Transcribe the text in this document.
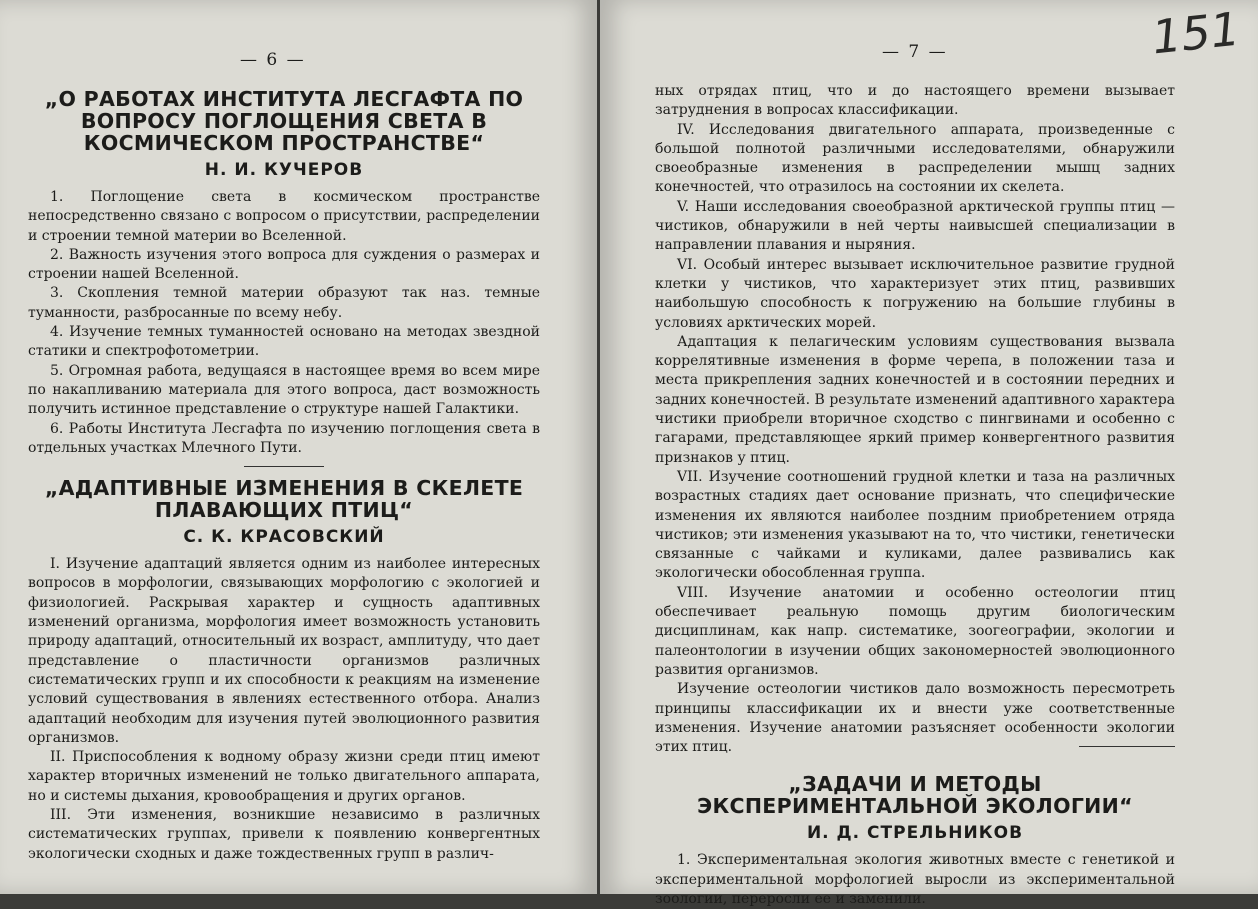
— 6 —
„О РАБОТАХ ИНСТИТУТА ЛЕСГАФТА ПО ВОПРОСУ ПОГЛОЩЕНИЯ СВЕТА В КОСМИЧЕСКОМ ПРОСТРАНСТВЕ“
Н. И. КУЧЕРОВ

1. Поглощение света в космическом пространстве непосредственно связано с вопросом о присутствии, распределении и строении темной материи во Вселенной.

2. Важность изучения этого вопроса для суждения о размерах и строении нашей Вселенной.

3. Скопления темной материи образуют так наз. темные туманности, разбросанные по всему небу.

4. Изучение темных туманностей основано на методах звездной статики и спектрофотометрии.

5. Огромная работа, ведущаяся в настоящее время во всем мире по накапливанию материала для этого вопроса, даст возможность получить истинное представление о структуре нашей Галактики.

6. Работы Института Лесгафта по изучению поглощения света в отдельных участках Млечного Пути.

„АДАПТИВНЫЕ ИЗМЕНЕНИЯ В СКЕЛЕТЕ ПЛАВАЮЩИХ ПТИЦ“
С. К. КРАСОВСКИЙ

I. Изучение адаптаций является одним из наиболее интересных вопросов в морфологии, связывающих морфологию с экологией и физиологией. Раскрывая характер и сущность адаптивных изменений организма, морфология имеет возможность установить природу адаптаций, относительный их возраст, амплитуду, что дает представление о пластичности организмов различных систематических групп и их способности к реакциям на изменение условий существования в явлениях естественного отбора. Анализ адаптаций необходим для изучения путей эволюционного развития организмов.

II. Приспособления к водному образу жизни среди птиц имеют характер вторичных изменений не только двигательного аппарата, но и системы дыхания, кровообращения и других органов.

III. Эти изменения, возникшие независимо в различных систематических группах, привели к появлению конвергентных экологически сходных и даже тождественных групп в различ-

— 7 —	151

ных отрядах птиц, что и до настоящего времени вызывает затруднения в вопросах классификации.

IV. Исследования двигательного аппарата, произведенные с большой полнотой различными исследователями, обнаружили своеобразные изменения в распределении мышц задних конечностей, что отразилось на состоянии их скелета.

V. Наши исследования своеобразной арктической группы птиц — чистиков, обнаружили в ней черты наивысшей специализации в направлении плавания и ныряния.

VI. Особый интерес вызывает исключительное развитие грудной клетки у чистиков, что характеризует этих птиц, развивших наибольшую способность к погружению на большие глубины в условиях арктических морей.

Адаптация к пелагическим условиям существования вызвала коррелятивные изменения в форме черепа, в положении таза и места прикрепления задних конечностей и в состоянии передних и задних конечностей. В результате изменений адаптивного характера чистики приобрели вторичное сходство с пингвинами и особенно с гагарами, представляющее яркий пример конвергентного развития признаков у птиц.

VII. Изучение соотношений грудной клетки и таза на различных возрастных стадиях дает основание признать, что специфические изменения их являются наиболее поздним приобретением отряда чистиков; эти изменения указывают на то, что чистики, генетически связанные с чайками и куликами, далее развивались как экологически обособленная группа.

VIII. Изучение анатомии и особенно остеологии птиц обеспечивает реальную помощь другим биологическим дисциплинам, как напр. систематике, зоогеографии, экологии и палеонтологии в изучении общих закономерностей эволюционного развития организмов.

Изучение остеологии чистиков дало возможность пересмотреть принципы классификации их и внести уже соответственные изменения. Изучение анатомии разъясняет особенности экологии этих птиц.

„ЗАДАЧИ И МЕТОДЫ ЭКСПЕРИМЕНТАЛЬНОЙ ЭКОЛОГИИ“
И. Д. СТРЕЛЬНИКОВ

1. Экспериментальная экология животных вместе с генетикой и экспериментальной морфологией выросли из экспериментальной зоологии, переросли ее и заменили.
